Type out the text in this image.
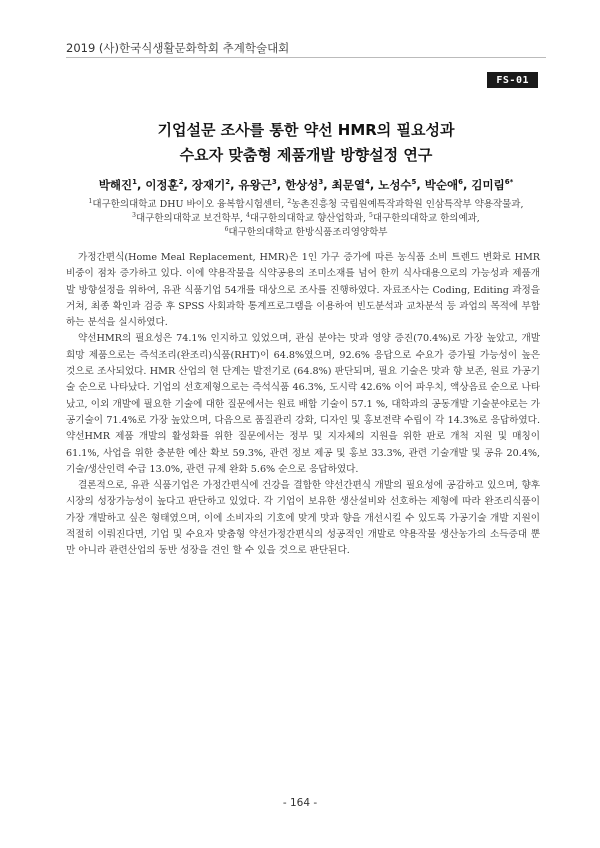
2019 (사)한국식생활문화학회 추계학술대회
FS-01
기업설문 조사를 통한 약선 HMR의 필요성과
수요자 맞춤형 제품개발 방향설정 연구
박해진$^1$, 이정훈$^2$, 장재기$^2$, 유왕근$^3$, 한상성$^3$, 최문열$^4$, 노성수$^5$, 박순애$^6$, 김미림$^{6*}$
$^1$대구한의대학교 DHU 바이오 융복합시험센터, $^2$농촌진흥청 국립원예특작과학원 인삼특작부 약용작물과,
$^3$대구한의대학교 보건학부, $^4$대구한의대학교 향산업학과, $^5$대구한의대학교 한의예과,
$^6$대구한의대학교 한방식품조리영양학부

가정간편식(Home Meal Replacement, HMR)은 1인 가구 증가에 따른 농식품 소비 트렌드 변화로 HMR 비중이 점차 증가하고 있다. 이에 약용작물을 식약공용의 조미소재를 넘어 한끼 식사대용으로의 가능성과 제품개발 방향설정을 위하여, 유관 식품기업 54개를 대상으로 조사를 진행하였다. 자료조사는 Coding, Editing 과정을 거쳐, 최종 확인과 검증 후 SPSS 사회과학 통계프로그램을 이용하여 빈도분석과 교차분석 등 과업의 목적에 부합하는 분석을 실시하였다.

약선HMR의 필요성은 74.1% 인지하고 있었으며, 관심 분야는 맛과 영양 증진(70.4%)로 가장 높았고, 개발 희망 제품으로는 즉석조리(완조리)식품(RHT)이 64.8%였으며, 92.6% 응답으로 수요가 증가될 가능성이 높은 것으로 조사되었다. HMR 산업의 현 단계는 발전기로 (64.8%) 판단되며, 필요 기술은 맛과 향 보존, 원료 가공기술 순으로 나타났다. 기업의 선호제형으로는 즉석식품 46.3%, 도시락 42.6% 이어 파우치, 액상음료 순으로 나타났고, 이외 개발에 필요한 기술에 대한 질문에서는 원료 배합 기술이 57.1 %, 대학과의 공동개발 기술분야로는 가공기술이 71.4%로 가장 높았으며, 다음으로 품질관리 강화, 디자인 및 홍보전략 수립이 각 14.3%로 응답하였다. 약선HMR 제품 개발의 활성화를 위한 질문에서는 정부 및 지자체의 지원을 위한 판로 개척 지원 및 매칭이 61.1%, 사업을 위한 충분한 예산 확보 59.3%, 관련 정보 제공 및 홍보 33.3%, 관련 기술개발 및 공유 20.4%, 기술/생산인력 수급 13.0%, 관련 규제 완화 5.6% 순으로 응답하였다.

결론적으로, 유관 식품기업은 가정간편식에 건강을 결합한 약선간편식 개발의 필요성에 공감하고 있으며, 향후 시장의 성장가능성이 높다고 판단하고 있었다. 각 기업이 보유한 생산설비와 선호하는 제형에 따라 완조리식품이 가장 개발하고 싶은 형태였으며, 이에 소비자의 기호에 맞게 맛과 향을 개선시킬 수 있도록 가공기술 개발 지원이 적절히 이뤄진다면, 기업 및 수요자 맞춤형 약선가정간편식의 성공적인 개발로 약용작물 생산농가의 소득증대 뿐만 아니라 관련산업의 동반 성장을 견인 할 수 있을 것으로 판단된다.

- 164 -
